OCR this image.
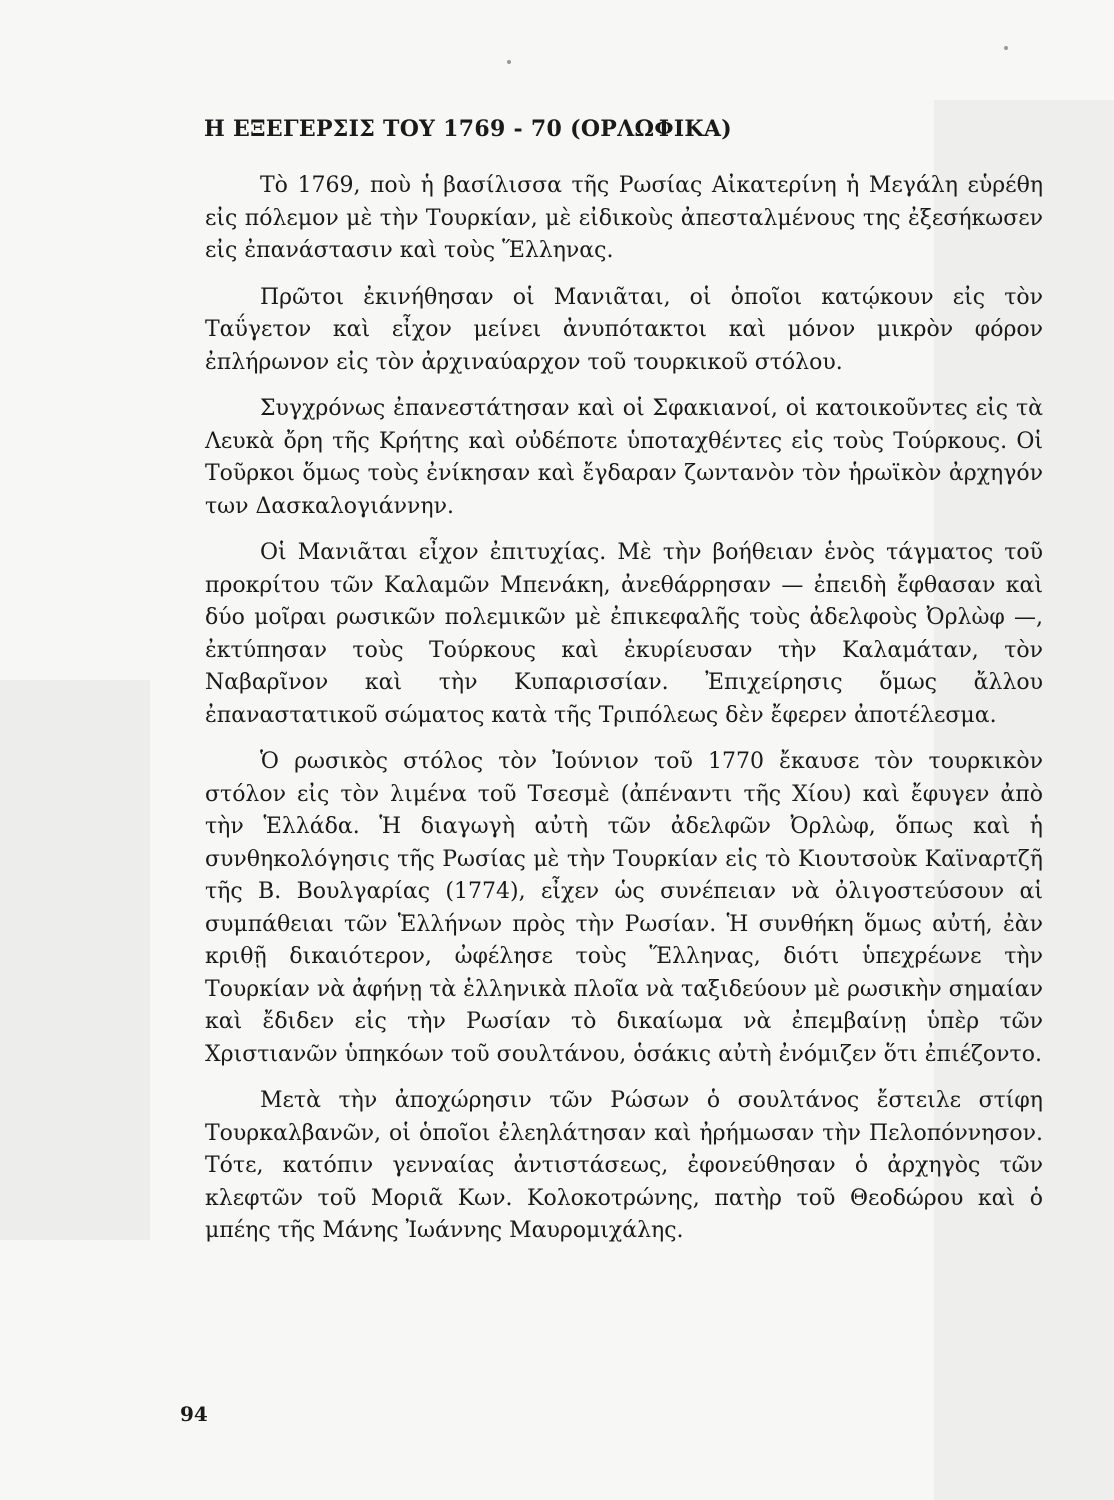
Η ΕΞΕΓΕΡΣΙΣ ΤΟΥ 1769 - 70 (ΟΡΛΩΦΙΚΑ)

Τὸ 1769, ποὺ ἡ βασίλισσα τῆς Ρωσίας Αἰκατερίνη ἡ Μεγάλη εὑρέθη εἰς πόλεμον μὲ τὴν Τουρκίαν, μὲ εἰδικοὺς ἀπεσταλμένους της ἐξεσήκωσεν εἰς ἐπανάστασιν καὶ τοὺς Ἕλληνας.

Πρῶτοι ἐκινήθησαν οἱ Μανιᾶται, οἱ ὁποῖοι κατῴκουν εἰς τὸν Ταΰγετον καὶ εἶχον μείνει ἀνυπότακτοι καὶ μόνον μικρὸν φόρον ἐπλήρωνον εἰς τὸν ἀρχιναύαρχον τοῦ τουρκικοῦ στόλου.

Συγχρόνως ἐπανεστάτησαν καὶ οἱ Σφακιανοί, οἱ κατοικοῦντες εἰς τὰ Λευκὰ ὄρη τῆς Κρήτης καὶ οὐδέποτε ὑποταχθέντες εἰς τοὺς Τούρκους. Οἱ Τοῦρκοι ὅμως τοὺς ἐνίκησαν καὶ ἔγδαραν ζωντανὸν τὸν ἡρωϊκὸν ἀρχηγόν των Δασκαλογιάννην.

Οἱ Μανιᾶται εἶχον ἐπιτυχίας. Μὲ τὴν βοήθειαν ἑνὸς τάγματος τοῦ προκρίτου τῶν Καλαμῶν Μπενάκη, ἀνεθάρρησαν — ἐπειδὴ ἔφθασαν καὶ δύο μοῖραι ρωσικῶν πολεμικῶν μὲ ἐπικεφαλῆς τοὺς ἀδελφοὺς Ὀρλὼφ —, ἐκτύπησαν τοὺς Τούρκους καὶ ἐκυρίευσαν τὴν Καλαμάταν, τὸν Ναβαρῖνον καὶ τὴν Κυπαρισσίαν. Ἐπιχείρησις ὅμως ἄλλου ἐπαναστατικοῦ σώματος κατὰ τῆς Τριπόλεως δὲν ἔφερεν ἀποτέλεσμα.

Ὁ ρωσικὸς στόλος τὸν Ἰούνιον τοῦ 1770 ἔκαυσε τὸν τουρκικὸν στόλον εἰς τὸν λιμένα τοῦ Τσεσμὲ (ἀπέναντι τῆς Χίου) καὶ ἔφυγεν ἀπὸ τὴν Ἑλλάδα. Ἡ διαγωγὴ αὐτὴ τῶν ἀδελφῶν Ὀρλὼφ, ὅπως καὶ ἡ συνθηκολόγησις τῆς Ρωσίας μὲ τὴν Τουρκίαν εἰς τὸ Κιουτσοὺκ Καϊναρτζῆ τῆς Β. Βουλγαρίας (1774), εἶχεν ὡς συνέπειαν νὰ ὀλιγοστεύσουν αἱ συμπάθειαι τῶν Ἑλλήνων πρὸς τὴν Ρωσίαν. Ἡ συνθήκη ὅμως αὐτή, ἐὰν κριθῇ δικαιότερον, ὠφέλησε τοὺς Ἕλληνας, διότι ὑπεχρέωνε τὴν Τουρκίαν νὰ ἀφήνῃ τὰ ἑλληνικὰ πλοῖα νὰ ταξιδεύουν μὲ ρωσικὴν σημαίαν καὶ ἔδιδεν εἰς τὴν Ρωσίαν τὸ δικαίωμα νὰ ἐπεμβαίνῃ ὑπὲρ τῶν Χριστιανῶν ὑπηκόων τοῦ σουλτάνου, ὁσάκις αὐτὴ ἐνόμιζεν ὅτι ἐπιέζοντο.

Μετὰ τὴν ἀποχώρησιν τῶν Ρώσων ὁ σουλτάνος ἔστειλε στίφη Τουρκαλβανῶν, οἱ ὁποῖοι ἐλεηλάτησαν καὶ ἠρήμωσαν τὴν Πελοπόννησον. Τότε, κατόπιν γενναίας ἀντιστάσεως, ἐφονεύθησαν ὁ ἀρχηγὸς τῶν κλεφτῶν τοῦ Μοριᾶ Κων. Κολοκοτρώνης, πατὴρ τοῦ Θεοδώρου καὶ ὁ μπέης τῆς Μάνης Ἰωάννης Μαυρομιχάλης.

94
